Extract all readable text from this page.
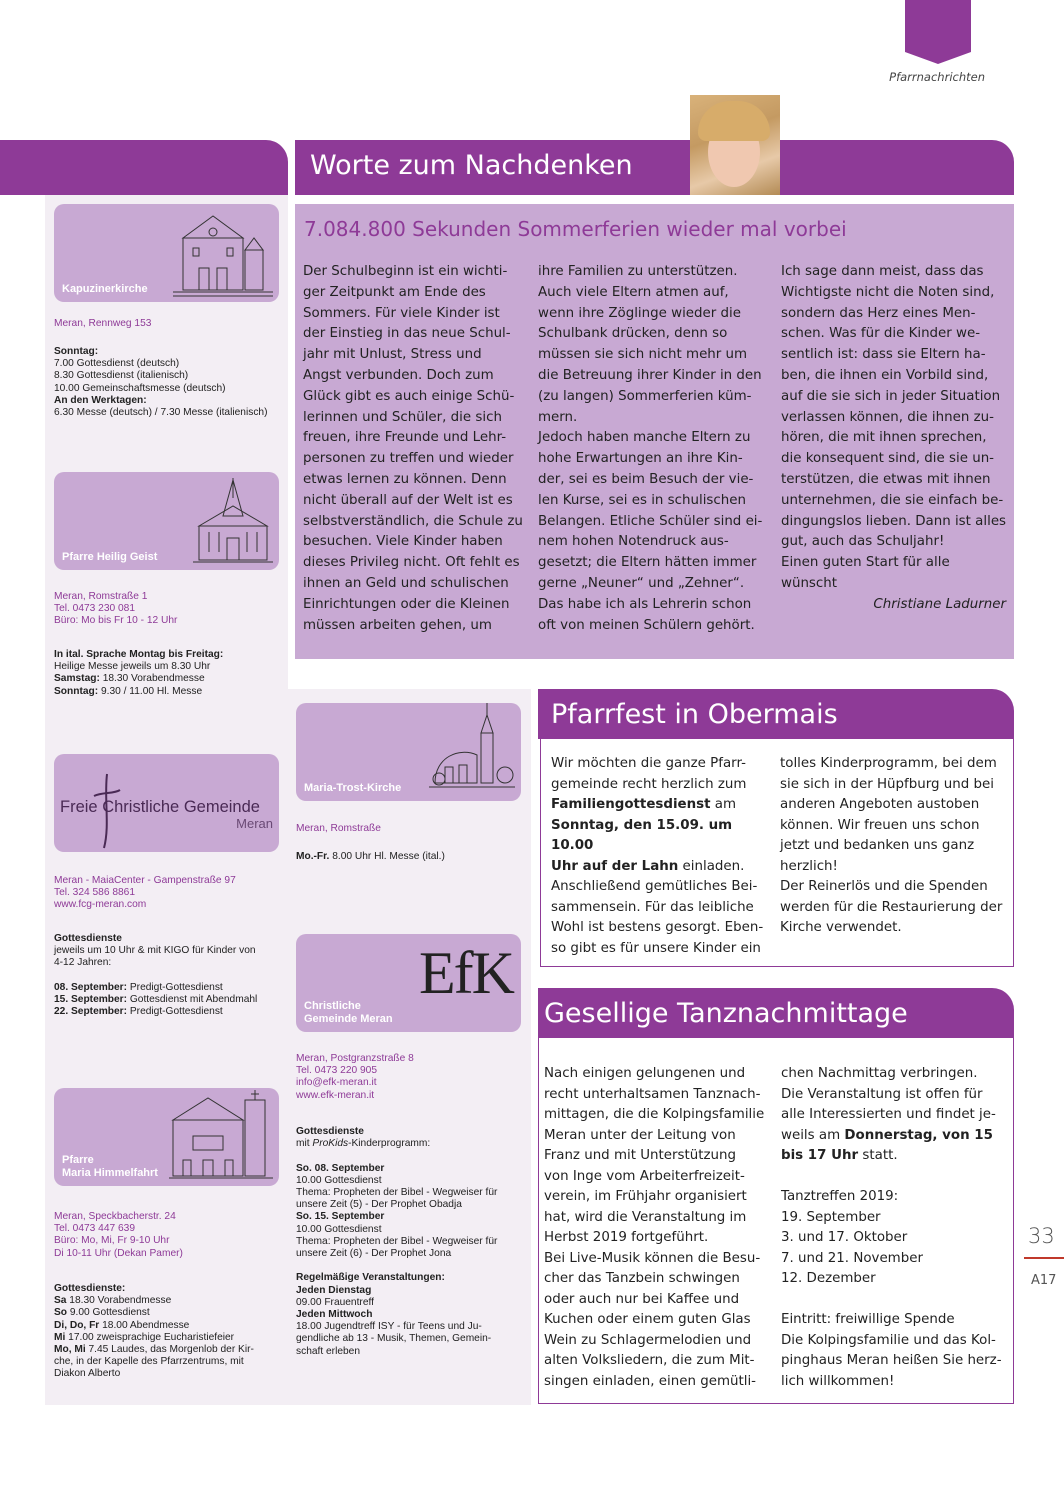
Pfarrnachrichten
Worte zum Nachdenken
7.084.800 Sekunden Sommerferien wieder mal vorbei
Der Schulbeginn ist ein wichti-
ger Zeitpunkt am Ende des
Sommers. Für viele Kinder ist
der Einstieg in das neue Schul-
jahr mit Unlust, Stress und
Angst verbunden. Doch zum
Glück gibt es auch einige Schü-
lerinnen und Schüler, die sich
freuen, ihre Freunde und Lehr-
personen zu treffen und wieder
etwas lernen zu können. Denn
nicht überall auf der Welt ist es
selbstverständlich, die Schule zu
besuchen. Viele Kinder haben
dieses Privileg nicht. Oft fehlt es
ihnen an Geld und schulischen
Einrichtungen oder die Kleinen
müssen arbeiten gehen, um
ihre Familien zu unterstützen.
Auch viele Eltern atmen auf,
wenn ihre Zöglinge wieder die
Schulbank drücken, denn so
müssen sie sich nicht mehr um
die Betreuung ihrer Kinder in den
(zu langen) Sommerferien küm-
mern.
Jedoch haben manche Eltern zu
hohe Erwartungen an ihre Kin-
der, sei es beim Besuch der vie-
len Kurse, sei es in schulischen
Belangen. Etliche Schüler sind ei-
nem hohen Notendruck aus-
gesetzt; die Eltern hätten immer
gerne „Neuner“ und „Zehner“.
Das habe ich als Lehrerin schon
oft von meinen Schülern gehört.
Ich sage dann meist, dass das
Wichtigste nicht die Noten sind,
sondern das Herz eines Men-
schen. Was für die Kinder we-
sentlich ist: dass sie Eltern ha-
ben, die ihnen ein Vorbild sind,
auf die sie sich in jeder Situation
verlassen können, die ihnen zu-
hören, die mit ihnen sprechen,
die konsequent sind, die sie un-
terstützen, die etwas mit ihnen
unternehmen, die sie einfach be-
dingungslos lieben. Dann ist alles
gut, auch das Schuljahr!
Einen guten Start für alle
wünscht
Christiane Ladurner
Kapuzinerkirche
Meran, Rennweg 153
Sonntag:
7.00 Gottesdienst (deutsch)
8.30 Gottesdienst (italienisch)
10.00 Gemeinschaftsmesse (deutsch)
An den Werktagen:
6.30 Messe (deutsch) / 7.30 Messe (italienisch)
Pfarre Heilig Geist
Meran, Romstraße 1
Tel. 0473 230 081
Büro: Mo bis Fr 10 - 12 Uhr
In ital. Sprache Montag bis Freitag:
Heilige Messe jeweils um 8.30 Uhr
Samstag: 18.30 Vorabendmesse
Sonntag: 9.30 / 11.00 Hl. Messe
Freie Christliche Gemeinde
Meran
Meran - MaiaCenter - Gampenstraße 97
Tel. 324 586 8861
www.fcg-meran.com
Gottesdienste
jeweils um 10 Uhr & mit KIGO für Kinder von
4-12 Jahren:

08. September: Predigt-Gottesdienst
15. September: Gottesdienst mit Abendmahl
22. September: Predigt-Gottesdienst
Pfarre
Maria Himmelfahrt
Meran, Speckbacherstr. 24
Tel. 0473 447 639
Büro: Mo, Mi, Fr 9-10 Uhr
Di 10-11 Uhr (Dekan Pamer)
Gottesdienste:
Sa 18.30 Vorabendmesse
So 9.00 Gottesdienst
Di, Do, Fr 18.00 Abendmesse
Mi 17.00 zweisprachige Eucharistiefeier
Mo, Mi 7.45 Laudes, das Morgenlob der Kir-
che, in der Kapelle des Pfarrzentrums, mit
Diakon Alberto
Maria-Trost-Kirche
Meran, Romstraße
Mo.-Fr. 8.00 Uhr Hl. Messe (ital.)
EfK
Christliche
Gemeinde Meran
Meran, Postgranzstraße 8
Tel. 0473 220 905
info@efk-meran.it
www.efk-meran.it
Gottesdienste
mit ProKids-Kinderprogramm:

So. 08. September
10.00 Gottesdienst
Thema: Propheten der Bibel - Wegweiser für
unsere Zeit (5) - Der Prophet Obadja
So. 15. September
10.00 Gottesdienst
Thema: Propheten der Bibel - Wegweiser für
unsere Zeit (6) - Der Prophet Jona

Regelmäßige Veranstaltungen:
Jeden Dienstag
09.00 Frauentreff
Jeden Mittwoch
18.00 Jugendtreff ISY - für Teens und Ju-
gendliche ab 13 - Musik, Themen, Gemein-
schaft erleben
Pfarrfest in Obermais
Wir möchten die ganze Pfarr-
gemeinde recht herzlich zum
Familiengottesdienst am
Sonntag, den 15.09. um 10.00
Uhr auf der Lahn einladen.
Anschließend gemütliches Bei-
sammensein. Für das leibliche
Wohl ist bestens gesorgt. Eben-
so gibt es für unsere Kinder ein
tolles Kinderprogramm, bei dem
sie sich in der Hüpfburg und bei
anderen Angeboten austoben
können. Wir freuen uns schon
jetzt und bedanken uns ganz
herzlich!
Der Reinerlös und die Spenden
werden für die Restaurierung der
Kirche verwendet.
Gesellige Tanznachmittage
Nach einigen gelungenen und
recht unterhaltsamen Tanznach-
mittagen, die die Kolpingsfamilie
Meran unter der Leitung von
Franz und mit Unterstützung
von Inge vom Arbeiterfreizeit-
verein, im Frühjahr organisiert
hat, wird die Veranstaltung im
Herbst 2019 fortgeführt.
Bei Live-Musik können die Besu-
cher das Tanzbein schwingen
oder auch nur bei Kaffee und
Kuchen oder einem guten Glas
Wein zu Schlagermelodien und
alten Volksliedern, die zum Mit-
singen einladen, einen gemütli-
chen Nachmittag verbringen.
Die Veranstaltung ist offen für
alle Interessierten und findet je-
weils am Donnerstag, von 15
bis 17 Uhr statt.

Tanztreffen 2019:
19. September
3. und 17. Oktober
7. und 21. November
12. Dezember

Eintritt: freiwillige Spende
Die Kolpingsfamilie und das Kol-
pinghaus Meran heißen Sie herz-
lich willkommen!
33
A17
